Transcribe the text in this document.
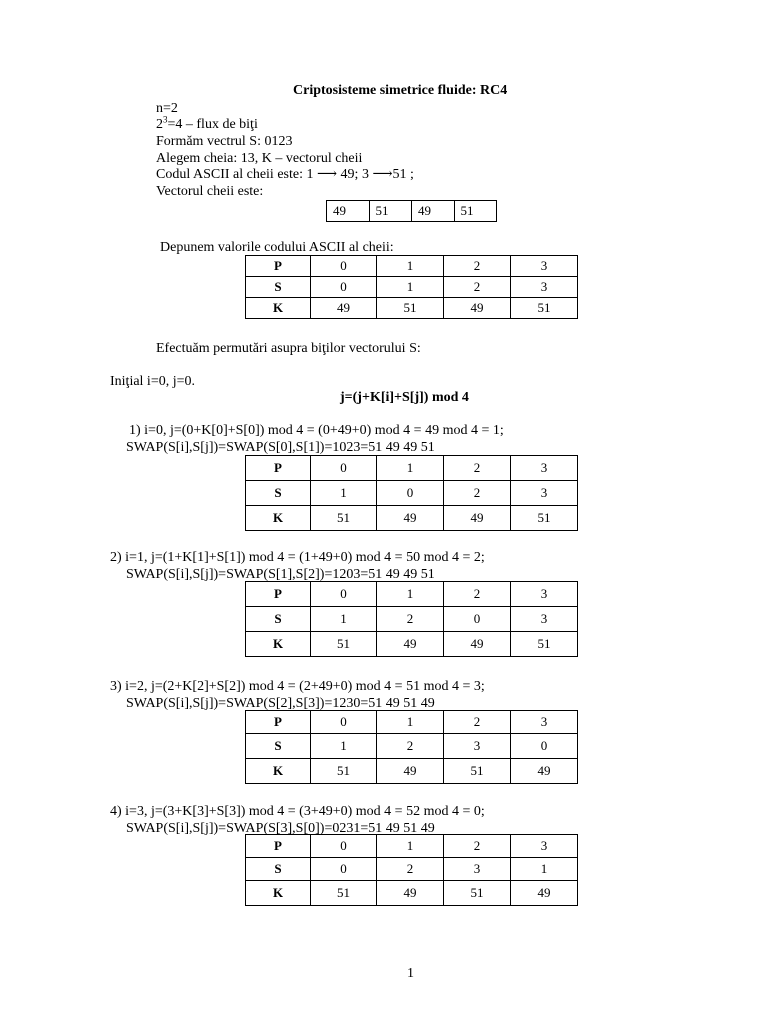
Criptosisteme simetrice fluide: RC4
n=2
$2^3=4$ – flux de biţi
Formăm vectrul S: 0123
Alegem cheia: 13, K – vectorul cheii
Codul ASCII al cheii este: 1 ⟶ 49; 3 ⟶51 ;
Vectorul cheii este:
49	51	49	51
Depunem valorile codului ASCII al cheii:
P	0	1	2	3
S	0	1	2	3
K	49	51	49	51
Efectuăm permutări asupra biţilor vectorului S:
Iniţial i=0, j=0.
j=(j+K[i]+S[j]) mod 4
1) i=0, j=(0+K[0]+S[0]) mod 4 = (0+49+0) mod 4 = 49 mod 4 = 1;
SWAP(S[i],S[j])=SWAP(S[0],S[1])=1023=51 49 49 51
P	0	1	2	3
S	1	0	2	3
K	51	49	49	51
2) i=1, j=(1+K[1]+S[1]) mod 4 = (1+49+0) mod 4 = 50 mod 4 = 2;
SWAP(S[i],S[j])=SWAP(S[1],S[2])=1203=51 49 49 51
P	0	1	2	3
S	1	2	0	3
K	51	49	49	51
3) i=2, j=(2+K[2]+S[2]) mod 4 = (2+49+0) mod 4 = 51 mod 4 = 3;
SWAP(S[i],S[j])=SWAP(S[2],S[3])=1230=51 49 51 49
P	0	1	2	3
S	1	2	3	0
K	51	49	51	49
4) i=3, j=(3+K[3]+S[3]) mod 4 = (3+49+0) mod 4 = 52 mod 4 = 0;
SWAP(S[i],S[j])=SWAP(S[3],S[0])=0231=51 49 51 49
P	0	1	2	3
S	0	2	3	1
K	51	49	51	49
1
